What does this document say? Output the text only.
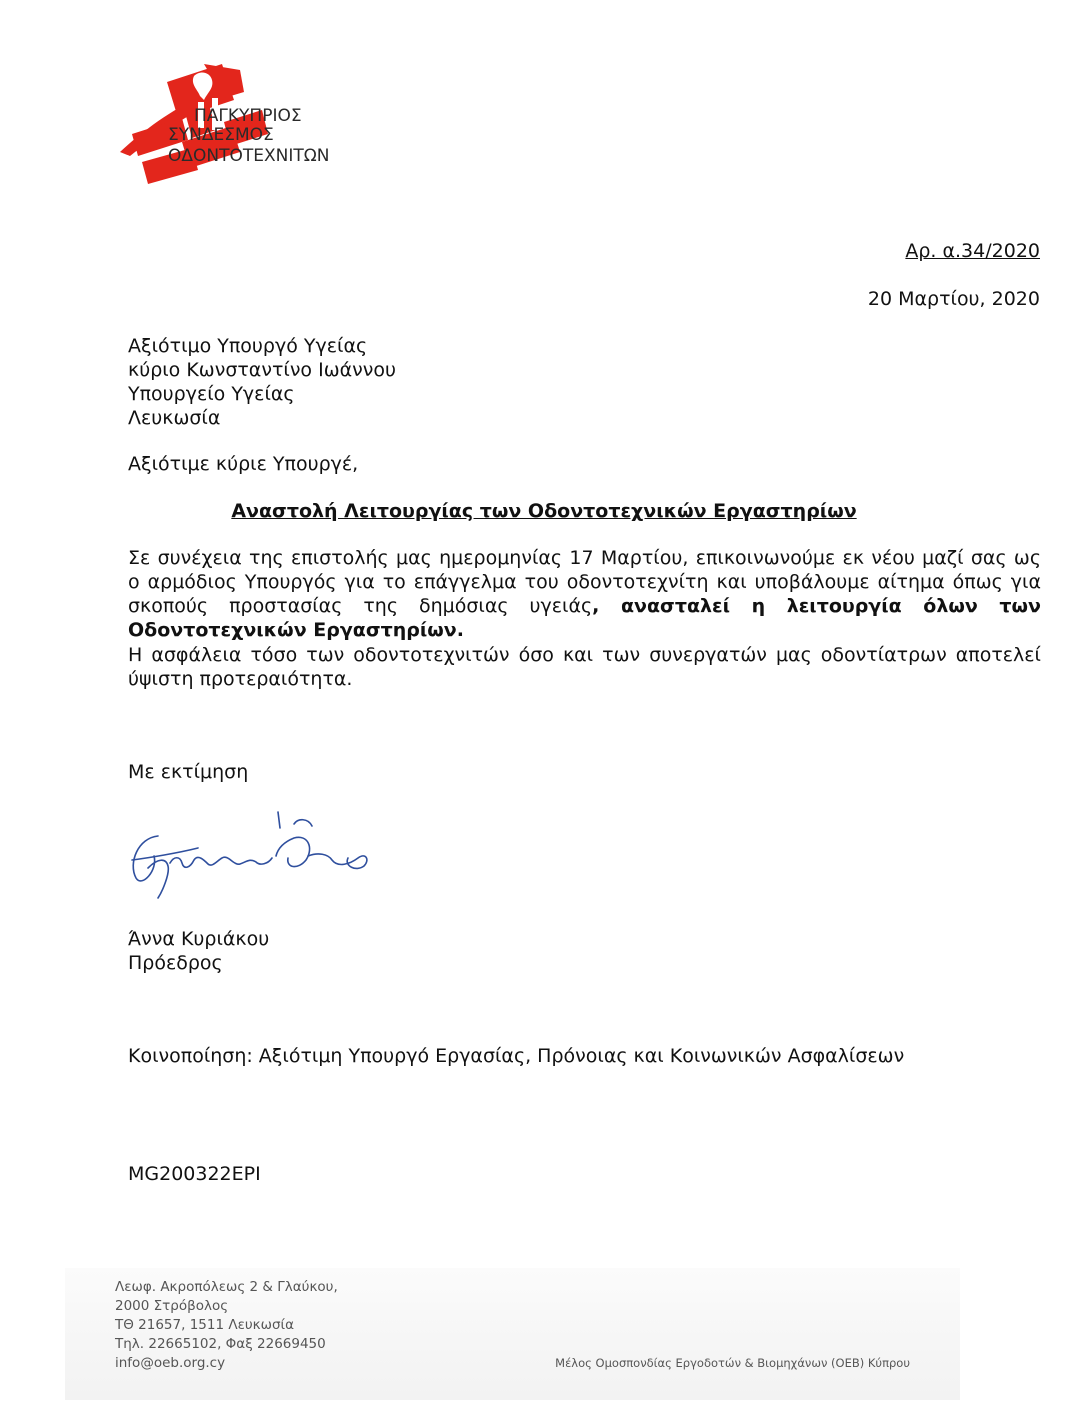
ΠΑΓΚΥΠΡΙΟΣ
ΣΥΝΔΕΣΜΟΣ
ΟΔΟΝΤΟΤΕΧΝΙΤΩΝ
Αρ. α.34/2020
20 Μαρτίου, 2020
Αξιότιμο Υπουργό Υγείας
κύριο Κωνσταντίνο Ιωάννου
Υπουργείο Υγείας
Λευκωσία
Αξιότιμε κύριε Υπουργέ,
Αναστολή Λειτουργίας των Οδοντοτεχνικών Εργαστηρίων
Σε συνέχεια της επιστολής μας ημερομηνίας 17 Μαρτίου, επικοινωνούμε εκ νέου μαζί σας ως ο αρμόδιος Υπουργός για το επάγγελμα του οδοντοτεχνίτη και υποβάλουμε αίτημα όπως για σκοπούς προστασίας της δημόσιας υγειάς, ανασταλεί η λειτουργία όλων των Οδοντοτεχνικών Εργαστηρίων.
Η ασφάλεια τόσο των οδοντοτεχνιτών όσο και των συνεργατών μας οδοντίατρων αποτελεί ύψιστη προτεραιότητα.
Με εκτίμηση
Άννα Κυριάκου
Πρόεδρος
Κοινοποίηση: Αξιότιμη Υπουργό Εργασίας, Πρόνοιας και Κοινωνικών Ασφαλίσεων
MG200322EPI
Λεωφ. Ακροπόλεως 2 & Γλαύκου,
2000 Στρόβολος
ΤΘ 21657, 1511 Λευκωσία
Τηλ. 22665102, Φαξ 22669450
info@oeb.org.cy	Μέλος Ομοσπονδίας Εργοδοτών & Βιομηχάνων (ΟΕΒ) Κύπρου
